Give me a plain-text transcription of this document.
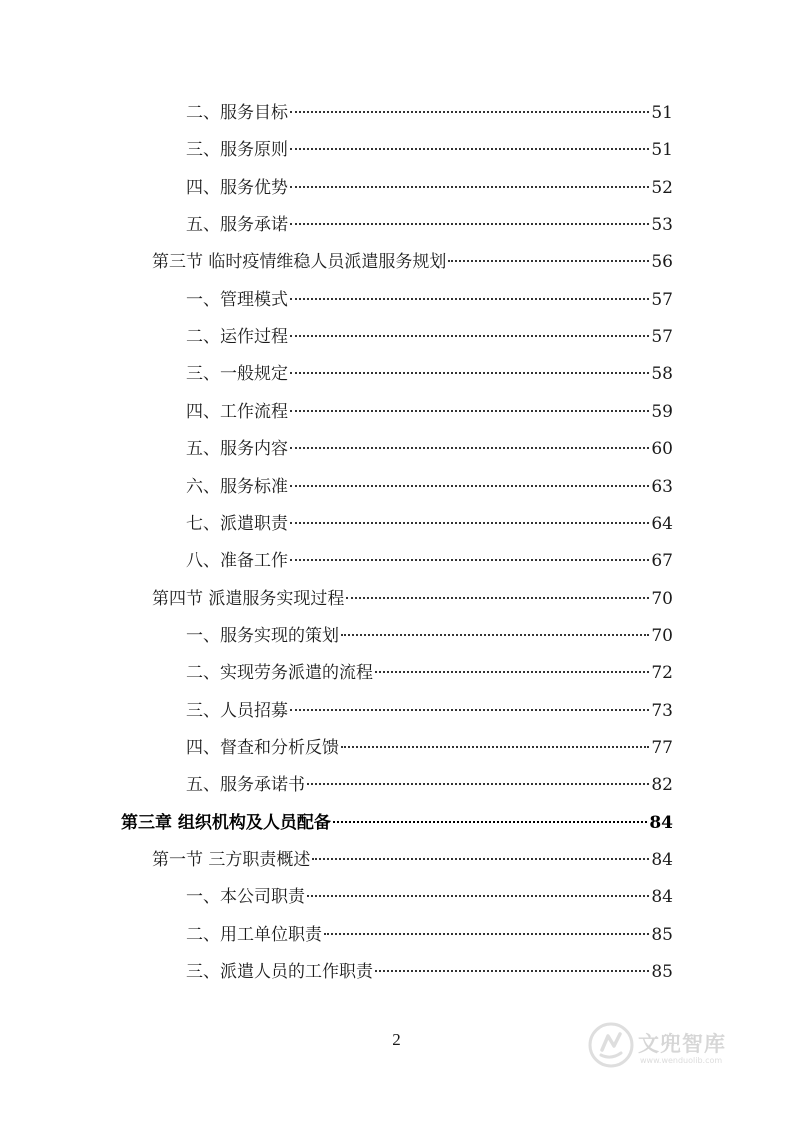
二、服务目标	51
三、服务原则	51
四、服务优势	52
五、服务承诺	53
第三节 临时疫情维稳人员派遣服务规划	56
一、管理模式	57
二、运作过程	57
三、一般规定	58
四、工作流程	59
五、服务内容	60
六、服务标准	63
七、派遣职责	64
八、准备工作	67
第四节 派遣服务实现过程	70
一、服务实现的策划	70
二、实现劳务派遣的流程	72
三、人员招募	73
四、督查和分析反馈	77
五、服务承诺书	82
第三章 组织机构及人员配备	84
第一节 三方职责概述	84
一、本公司职责	84
二、用工单位职责	85
三、派遣人员的工作职责	85
2	文兜智库
www.wenduolib.com
